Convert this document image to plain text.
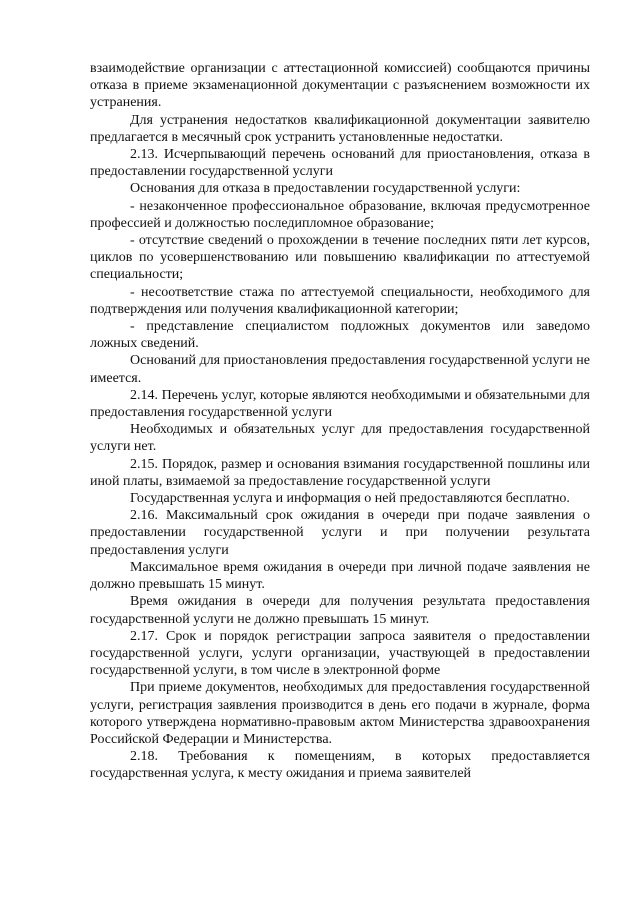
взаимодействие организации с аттестационной комиссией) сообщаются причины отказа в приеме экзаменационной документации с разъяснением возможности их устранения.

Для устранения недостатков квалификационной документации заявителю предлагается в месячный срок устранить установленные недостатки.

2.13. Исчерпывающий перечень оснований для приостановления, отказа в предоставлении государственной услуги

Основания для отказа в предоставлении государственной услуги:

- незаконченное профессиональное образование, включая предусмотренное профессией и должностью последипломное образование;

- отсутствие сведений о прохождении в течение последних пяти лет курсов, циклов по усовершенствованию или повышению квалификации по аттестуемой специальности;

- несоответствие стажа по аттестуемой специальности, необходимого для подтверждения или получения квалификационной категории;

- представление специалистом подложных документов или заведомо ложных сведений.

Оснований для приостановления предоставления государственной услуги не имеется.

2.14. Перечень услуг, которые являются необходимыми и обязательными для предоставления государственной услуги

Необходимых и обязательных услуг для предоставления государственной услуги нет.

2.15. Порядок, размер и основания взимания государственной пошлины или иной платы, взимаемой за предоставление государственной услуги

Государственная услуга и информация о ней предоставляются бесплатно.

2.16. Максимальный срок ожидания в очереди при подаче заявления о предоставлении государственной услуги и при получении результата предоставления услуги

Максимальное время ожидания в очереди при личной подаче заявления не должно превышать 15 минут.

Время ожидания в очереди для получения результата предоставления государственной услуги не должно превышать 15 минут.

2.17. Срок и порядок регистрации запроса заявителя о предоставлении государственной услуги, услуги организации, участвующей в предоставлении государственной услуги, в том числе в электронной форме

При приеме документов, необходимых для предоставления государственной услуги, регистрация заявления производится в день его подачи в журнале, форма которого утверждена нормативно-правовым актом Министерства здравоохранения Российской Федерации и Министерства.

2.18. Требования к помещениям, в которых предоставляется государственная услуга, к месту ожидания и приема заявителей
